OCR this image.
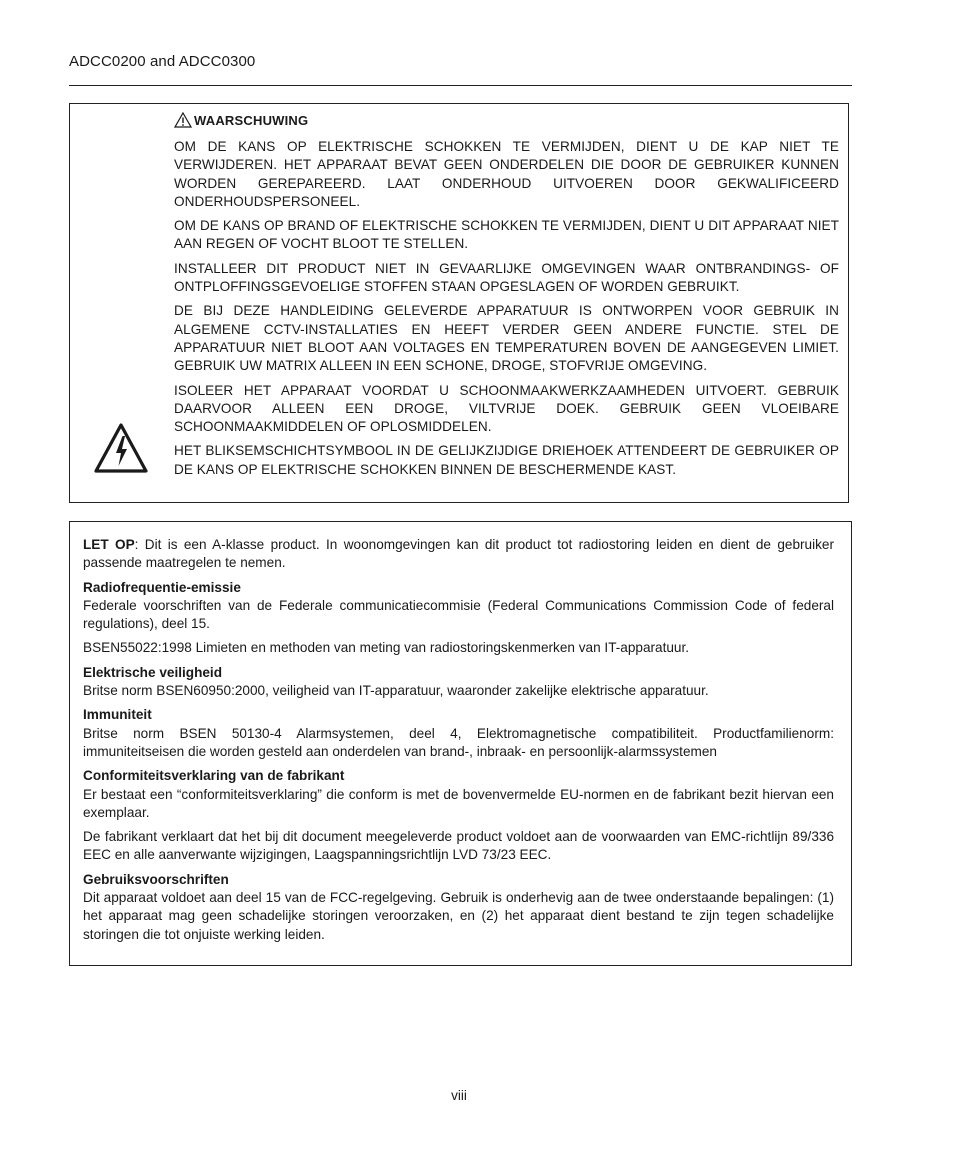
ADCC0200 and ADCC0300
WAARSCHUWING

OM DE KANS OP ELEKTRISCHE SCHOKKEN TE VERMIJDEN, DIENT U DE KAP NIET TE VERWIJDEREN. HET APPARAAT BEVAT GEEN ONDERDELEN DIE DOOR DE GEBRUIKER KUNNEN WORDEN GEREPAREERD. LAAT ONDERHOUD UITVOEREN DOOR GEKWALIFICEERD ONDERHOUDSPERSONEEL.

OM DE KANS OP BRAND OF ELEKTRISCHE SCHOKKEN TE VERMIJDEN, DIENT U DIT APPARAAT NIET AAN REGEN OF VOCHT BLOOT TE STELLEN.

INSTALLEER DIT PRODUCT NIET IN GEVAARLIJKE OMGEVINGEN WAAR ONTBRANDINGS- OF ONTPLOFFINGSGEVOELIGE STOFFEN STAAN OPGESLAGEN OF WORDEN GEBRUIKT.

DE BIJ DEZE HANDLEIDING GELEVERDE APPARATUUR IS ONTWORPEN VOOR GEBRUIK IN ALGEMENE CCTV-INSTALLATIES EN HEEFT VERDER GEEN ANDERE FUNCTIE. STEL DE APPARATUUR NIET BLOOT AAN VOLTAGES EN TEMPERATUREN BOVEN DE AANGEGEVEN LIMIET. GEBRUIK UW MATRIX ALLEEN IN EEN SCHONE, DROGE, STOFVRIJE OMGEVING.

ISOLEER HET APPARAAT VOORDAT U SCHOONMAAKWERKZAAMHEDEN UITVOERT. GEBRUIK DAARVOOR ALLEEN EEN DROGE, VILTVRIJE DOEK. GEBRUIK GEEN VLOEIBARE SCHOONMAAKMIDDELEN OF OPLOSMIDDELEN.

HET BLIKSEMSCHICHTSYMBOOL IN DE GELIJKZIJDIGE DRIEHOEK ATTENDEERT DE GEBRUIKER OP DE KANS OP ELEKTRISCHE SCHOKKEN BINNEN DE BESCHERMENDE KAST.

LET OP: Dit is een A-klasse product. In woonomgevingen kan dit product tot radiostoring leiden en dient de gebruiker passende maatregelen te nemen.

Radiofrequentie-emissie

Federale voorschriften van de Federale communicatiecommisie (Federal Communications Commission Code of federal regulations), deel 15.

BSEN55022:1998 Limieten en methoden van meting van radiostoringskenmerken van IT-apparatuur.

Elektrische veiligheid

Britse norm BSEN60950:2000, veiligheid van IT-apparatuur, waaronder zakelijke elektrische apparatuur.

Immuniteit

Britse norm BSEN 50130-4 Alarmsystemen, deel 4, Elektromagnetische compatibiliteit. Productfamilienorm: immuniteitseisen die worden gesteld aan onderdelen van brand-, inbraak- en persoonlijk-alarmssystemen

Conformiteitsverklaring van de fabrikant

Er bestaat een “conformiteitsverklaring” die conform is met de bovenvermelde EU-normen en de fabrikant bezit hiervan een exemplaar.

De fabrikant verklaart dat het bij dit document meegeleverde product voldoet aan de voorwaarden van EMC-richtlijn 89/336 EEC en alle aanverwante wijzigingen, Laagspanningsrichtlijn LVD 73/23 EEC.

Gebruiksvoorschriften

Dit apparaat voldoet aan deel 15 van de FCC-regelgeving. Gebruik is onderhevig aan de twee onderstaande bepalingen: (1) het apparaat mag geen schadelijke storingen veroorzaken, en (2) het apparaat dient bestand te zijn tegen schadelijke storingen die tot onjuiste werking leiden.

viii
